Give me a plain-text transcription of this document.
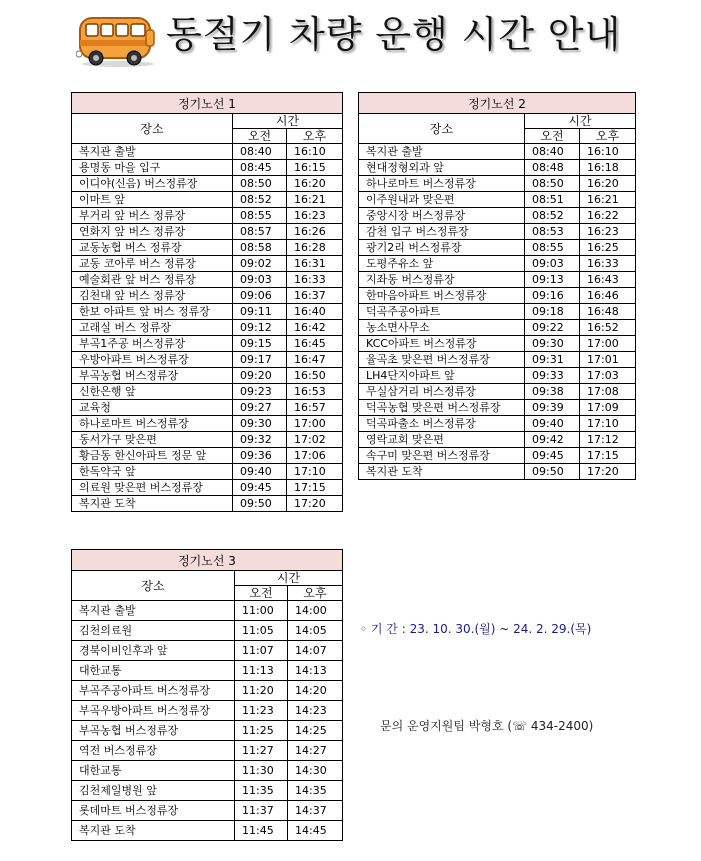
동절기 차량 운행 시간 안내
정기노선 1		
장소	시간	
	오전	오후
복지관 출발	08:40	16:10
용명동 마을 입구	08:45	16:15
이디야(신음) 버스정류장	08:50	16:20
이마트 앞	08:52	16:21
부거리 앞 버스 정류장	08:55	16:23
연화지 앞 버스 정류장	08:57	16:26
교동농협 버스 정류장	08:58	16:28
교동 코아루 버스 정류장	09:02	16:31
예술회관 앞 버스 정류장	09:03	16:33
김천대 앞 버스 정류장	09:06	16:37
한보 아파트 앞 버스 정류장	09:11	16:40
고래실 버스 정류장	09:12	16:42
부곡1주공 버스정류장	09:15	16:45
우방아파트 버스정류장	09:17	16:47
부곡농협 버스정류장	09:20	16:50
신한은행 앞	09:23	16:53
교육청	09:27	16:57
하나로마트 버스정류장	09:30	17:00
동서가구 맞은편	09:32	17:02
황금동 한신아파트 정문 앞	09:36	17:06
한독약국 앞	09:40	17:10
의료원 맞은편 버스정류장	09:45	17:15
복지관 도착	09:50	17:20
정기노선 2		
장소	시간	
	오전	오후
복지관 출발	08:40	16:10
현대정형외과 앞	08:48	16:18
하나로마트 버스정류장	08:50	16:20
이주원내과 맞은편	08:51	16:21
중앙시장 버스정류장	08:52	16:22
감천 입구 버스정류장	08:53	16:23
광기2리 버스정류장	08:55	16:25
도평주유소 앞	09:03	16:33
지좌동 버스정류장	09:13	16:43
한마음아파트 버스정류장	09:16	16:46
덕곡주공아파트	09:18	16:48
농소면사무소	09:22	16:52
KCC아파트 버스정류장	09:30	17:00
율곡초 맞은편 버스정류장	09:31	17:01
LH4단지아파트 앞	09:33	17:03
무실삼거리 버스정류장	09:38	17:08
덕곡농협 맞은편 버스정류장	09:39	17:09
덕곡파출소 버스정류장	09:40	17:10
영락교회 맞은편	09:42	17:12
속구미 맞은편 버스정류장	09:45	17:15
복지관 도착	09:50	17:20
정기노선 3		
장소	시간	
	오전	오후
복지관 출발	11:00	14:00
김천의료원	11:05	14:05
경북이비인후과 앞	11:07	14:07
대한교통	11:13	14:13
부곡주공아파트 버스정류장	11:20	14:20
부곡우방아파트 버스정류장	11:23	14:23
부곡농협 버스정류장	11:25	14:25
역전 버스정류장	11:27	14:27
대한교통	11:30	14:30
김천제일병원 앞	11:35	14:35
롯데마트 버스정류장	11:37	14:37
복지관 도착	11:45	14:45
◦ 기 간 : 23. 10. 30.(월) ~ 24. 2. 29.(목)
문의 운영지원팀 박형호 (☏ 434-2400)
